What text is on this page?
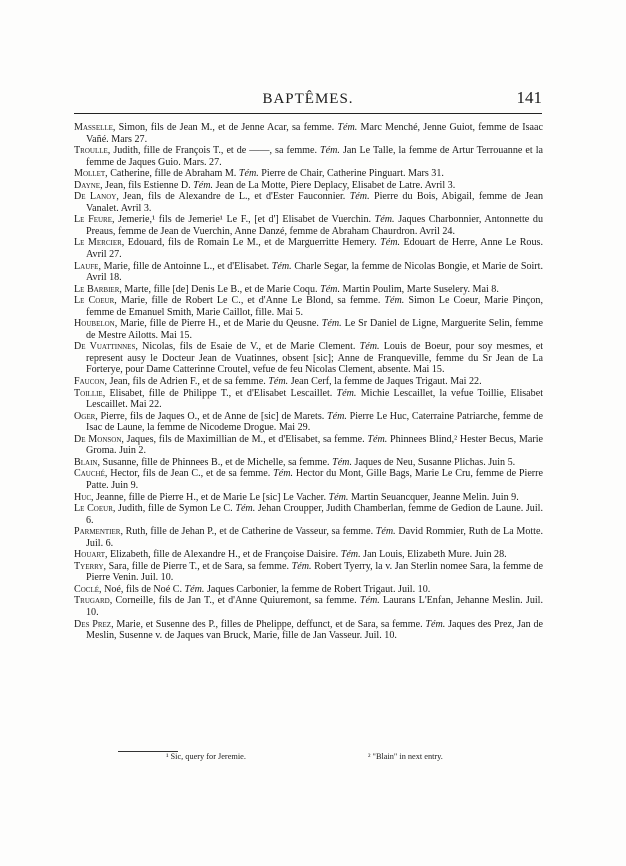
BAPTÊMES.	141

Masselle, Simon, fils de Jean M., et de Jenne Acar, sa femme. Tém. Marc Menché, Jenne Guiot, femme de Isaac Vañé. Mars 27.

Troulle, Judith, fille de François T., et de ——, sa femme. Tém. Jan Le Talle, la femme de Artur Terrouanne et la femme de Jaques Guio. Mars. 27.

Mollet, Catherine, fille de Abraham M. Tém. Pierre de Chair, Catherine Pinguart. Mars 31.

Dayne, Jean, fils Estienne D. Tém. Jean de La Motte, Piere Deplacy, Elisabet de Latre. Avril 3.

De Lanoy, Jean, fils de Alexandre de L., et d'Ester Fauconnier. Tém. Pierre du Bois, Abigail, femme de Jean Vanalet. Avril 3.

Le Feure, Jemerie,¹ fils de Jemerie¹ Le F., [et d'] Elisabet de Vuerchin. Tém. Jaques Charbonnier, Antonnette du Preaus, femme de Jean de Vuerchin, Anne Danzé, femme de Abraham Chaurdron. Avril 24.

Le Mercier, Edouard, fils de Romain Le M., et de Marguerritte Hemery. Tém. Edouart de Herre, Anne Le Rous. Avril 27.

Laufe, Marie, fille de Antoinne L., et d'Elisabet. Tém. Charle Segar, la femme de Nicolas Bongie, et Marie de Soirt. Avril 18.

Le Barbier, Marte, fille [de] Denis Le B., et de Marie Coqu. Tém. Martin Poulim, Marte Suselery. Mai 8.

Le Coeur, Marie, fille de Robert Le C., et d'Anne Le Blond, sa femme. Tém. Simon Le Coeur, Marie Pinçon, femme de Emanuel Smith, Marie Caillot, fille. Mai 5.

Houbelon, Marie, fille de Pierre H., et de Marie du Qeusne. Tém. Le Sr Daniel de Ligne, Marguerite Selin, femme de Mestre Ailotts. Mai 15.

De Vuattinnes, Nicolas, fils de Esaie de V., et de Marie Clement. Tém. Louis de Boeur, pour soy mesmes, et represent ausy le Docteur Jean de Vuatinnes, obsent [sic]; Anne de Franqueville, femme du Sr Jean de La Forterye, pour Dame Catterinne Croutel, vefue de feu Nicolas Clement, absente. Mai 15.

Faucon, Jean, fils de Adrien F., et de sa femme. Tém. Jean Cerf, la femme de Jaques Trigaut. Mai 22.

Toillie, Elisabet, fille de Philippe T., et d'Elisabet Lescaillet. Tém. Michie Lescaillet, la vefue Toillie, Elisabet Lescaillet. Mai 22.

Oger, Pierre, fils de Jaques O., et de Anne de [sic] de Marets. Tém. Pierre Le Huc, Caterraine Patriarche, femme de Isac de Laune, la femme de Nicodeme Drogue. Mai 29.

De Monson, Jaques, fils de Maximillian de M., et d'Elisabet, sa femme. Tém. Phinnees Blind,² Hester Becus, Marie Groma. Juin 2.

Blain, Susanne, fille de Phinnees B., et de Michelle, sa femme. Tém. Jaques de Neu, Susanne Plichas. Juin 5.

Cauché, Hector, fils de Jean C., et de sa femme. Tém. Hector du Mont, Gille Bags, Marie Le Cru, femme de Pierre Patte. Juin 9.

Huc, Jeanne, fille de Pierre H., et de Marie Le [sic] Le Vacher. Tém. Martin Seuancquer, Jeanne Melin. Juin 9.

Le Coeur, Judith, fille de Symon Le C. Tém. Jehan Croupper, Judith Chamberlan, femme de Gedion de Laune. Juil. 6.

Parmentier, Ruth, fille de Jehan P., et de Catherine de Vasseur, sa femme. Tém. David Rommier, Ruth de La Motte. Juil. 6.

Houart, Elizabeth, fille de Alexandre H., et de Françoise Daisire. Tém. Jan Louis, Elizabeth Mure. Juin 28.

Tyerry, Sara, fille de Pierre T., et de Sara, sa femme. Tém. Robert Tyerry, la v. Jan Sterlin nomee Sara, la femme de Pierre Venin. Juil. 10.

Coclé, Noé, fils de Noé C. Tém. Jaques Carbonier, la femme de Robert Trigaut. Juil. 10.

Trugard, Corneille, fils de Jan T., et d'Anne Quiuremont, sa femme. Tém. Laurans L'Enfan, Jehanne Meslin. Juil. 10.

Des Prez, Marie, et Susenne des P., filles de Phelippe, deffunct, et de Sara, sa femme. Tém. Jaques des Prez, Jan de Meslin, Susenne v. de Jaques van Bruck, Marie, fille de Jan Vasseur. Juil. 10.

¹ Sic, query for Jeremie.	² "Blain" in next entry.
